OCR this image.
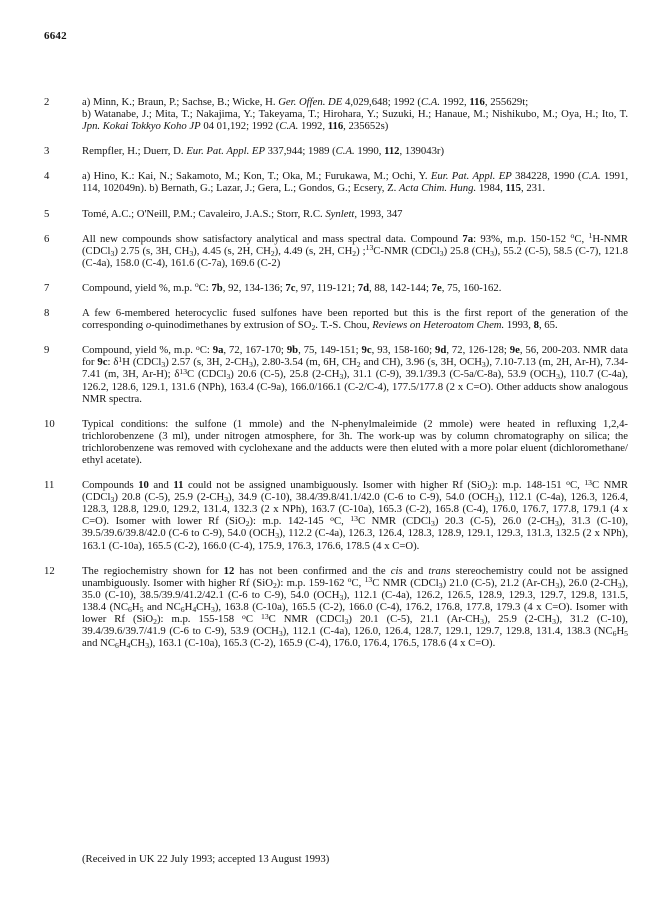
6642
2	a) Minn, K.; Braun, P.; Sachse, B.; Wicke, H. Ger. Offen. DE 4,029,648; 1992 (C.A. 1992, 116, 255629t;
b) Watanabe, J.; Mita, T.; Nakajima, Y.; Takeyama, T.; Hirohara, Y.; Suzuki, H.; Hanaue, M.; Nishikubo, M.; Oya, H.; Ito, T. Jpn. Kokai Tokkyo Koho JP 04 01,192; 1992 (C.A. 1992, 116, 235652s)

3	Rempfler, H.; Duerr, D. Eur. Pat. Appl. EP 337,944; 1989 (C.A. 1990, 112, 139043r)

4	a) Hino, K.: Kai, N.; Sakamoto, M.; Kon, T.; Oka, M.; Furukawa, M.; Ochi, Y. Eur. Pat. Appl. EP 384228, 1990 (C.A. 1991, 114, 102049n). b) Bernath, G.; Lazar, J.; Gera, L.; Gondos, G.; Ecsery, Z. Acta Chim. Hung. 1984, 115, 231.

5	Tomé, A.C.; O'Neill, P.M.; Cavaleiro, J.A.S.; Storr, R.C. Synlett, 1993, 347

6	All new compounds show satisfactory analytical and mass spectral data. Compound 7a: 93%, m.p. 150-152 $^o$C, $^1$H-NMR (CDCl$_3$) 2.75 (s, 3H, $CH_3$), 4.45 (s, 2H, $CH_2$), 4.49 (s, 2H, $CH_2$) ;$^{13}$C-NMR (CDCl$_3$) 25.8 $(CH_3)$, 55.2 (C-5), 58.5 (C-7), 121.8 (C-4a), 158.0 (C-4), 161.6 (C-7a), 169.6 (C-2)

7	Compound, yield %, m.p. $^o$C: 7b, 92, 134-136; 7c, 97, 119-121; 7d, 88, 142-144; 7e, 75, 160-162.

8	A few 6-membered heterocyclic fused sulfones have been reported but this is the first report of the generation of the corresponding o-quinodimethanes by extrusion of $SO_2$. T.-S. Chou, Reviews on Heteroatom Chem. 1993, 8, 65.

9	Compound, yield %, m.p. $^o$C: 9a, 72, 167-170; 9b, 75, 149-151; 9c, 93, 158-160; 9d, 72, 126-128; 9e, 56, 200-203. NMR data for 9c: $\delta^1H$ (CDCl$_3$) 2.57 (s, 3H, $2-CH_3$), 2.80-3.54 (m, 6H, $CH_2$ and CH), 3.96 (s, 3H, $OCH_3$), 7.10-7.13 (m, 2H, Ar-H), 7.34-7.41 (m, 3H, Ar-H); $\delta^{13}C$ (CDCl$_3$) 20.6 (C-5), 25.8 $(2-CH_3)$, 31.1 (C-9), 39.1/39.3 (C-5a/C-8a), 53.9 $(OCH_3)$, 110.7 (C-4a), 126.2, 128.6, 129.1, 131.6 (NPh), 163.4 (C-9a), 166.0/166.1 (C-2/C-4), 177.5/177.8 (2 x C=O). Other adducts show analogous NMR spectra.

10	Typical conditions: the sulfone (1 mmole) and the N-phenylmaleimide (2 mmole) were heated in refluxing 1,2,4-trichlorobenzene (3 ml), under nitrogen atmosphere, for 3h. The work-up was by column chromatography on silica; the trichlorobenzene was removed with cyclohexane and the adducts were then eluted with a more polar eluent (dichloromethane/ ethyl acetate).

11	Compounds 10 and 11 could not be assigned unambiguously. Isomer with higher Rf (SiO$_2$): m.p. 148-151 $^o$C, $^{13}$C NMR (CDCl$_3$) 20.8 (C-5), 25.9 $(2-CH_3)$, 34.9 (C-10), 38.4/39.8/41.1/42.0 (C-6 to C-9), 54.0 $(OCH_3)$, 112.1 (C-4a), 126.3, 126.4, 128.3, 128.8, 129.0, 129.2, 131.4, 132.3 (2 x NPh), 163.7 (C-10a), 165.3 (C-2), 165.8 (C-4), 176.0, 176.7, 177.8, 179.1 (4 x C=O). Isomer with lower Rf (SiO$_2$): m.p. 142-145 $^o$C, $^{13}$C NMR (CDCl$_3$) 20.3 (C-5), 26.0 $(2-CH_3)$, 31.3 (C-10), 39.5/39.6/39.8/42.0 (C-6 to C-9), 54.0 $(OCH_3)$, 112.2 (C-4a), 126.3, 126.4, 128.3, 128.9, 129.1, 129.3, 131.3, 132.5 (2 x NPh), 163.1 (C-10a), 165.5 (C-2), 166.0 (C-4), 175.9, 176.3, 176.6, 178.5 (4 x C=O).

12	The regiochemistry shown for 12 has not been confirmed and the cis and trans stereochemistry could not be assigned unambiguously. Isomer with higher Rf (SiO$_2$): m.p. 159-162 $^o$C, $^{13}$C NMR (CDCl$_3$) 21.0 (C-5), 21.2 $(Ar-CH_3)$, 26.0 $(2-CH_3)$, 35.0 (C-10), 38.5/39.9/41.2/42.1 (C-6 to C-9), 54.0 $(OCH_3)$, 112.1 (C-4a), 126.2, 126.5, 128.9, 129.3, 129.7, 129.8, 131.5, 138.4 ($NC_6H_5$ and $NC_6H_4CH_3$), 163.8 (C-10a), 165.5 (C-2), 166.0 (C-4), 176.2, 176.8, 177.8, 179.3 (4 x C=O). Isomer with lower Rf (SiO$_2$): m.p. 155-158 $^o$C $^{13}$C NMR (CDCl$_3$) 20.1 (C-5), 21.1 $(Ar-CH_3)$, 25.9 $(2-CH_3)$, 31.2 (C-10), 39.4/39.6/39.7/41.9 (C-6 to C-9), 53.9 $(OCH_3)$, 112.1 (C-4a), 126.0, 126.4, 128.7, 129.1, 129.7, 129.8, 131.4, 138.3 ($NC_6H_5$ and $NC_6H_4CH_3$), 163.1 (C-10a), 165.3 (C-2), 165.9 (C-4), 176.0, 176.4, 176.5, 178.6 (4 x C=O).

(Received in UK 22 July 1993; accepted 13 August 1993)
